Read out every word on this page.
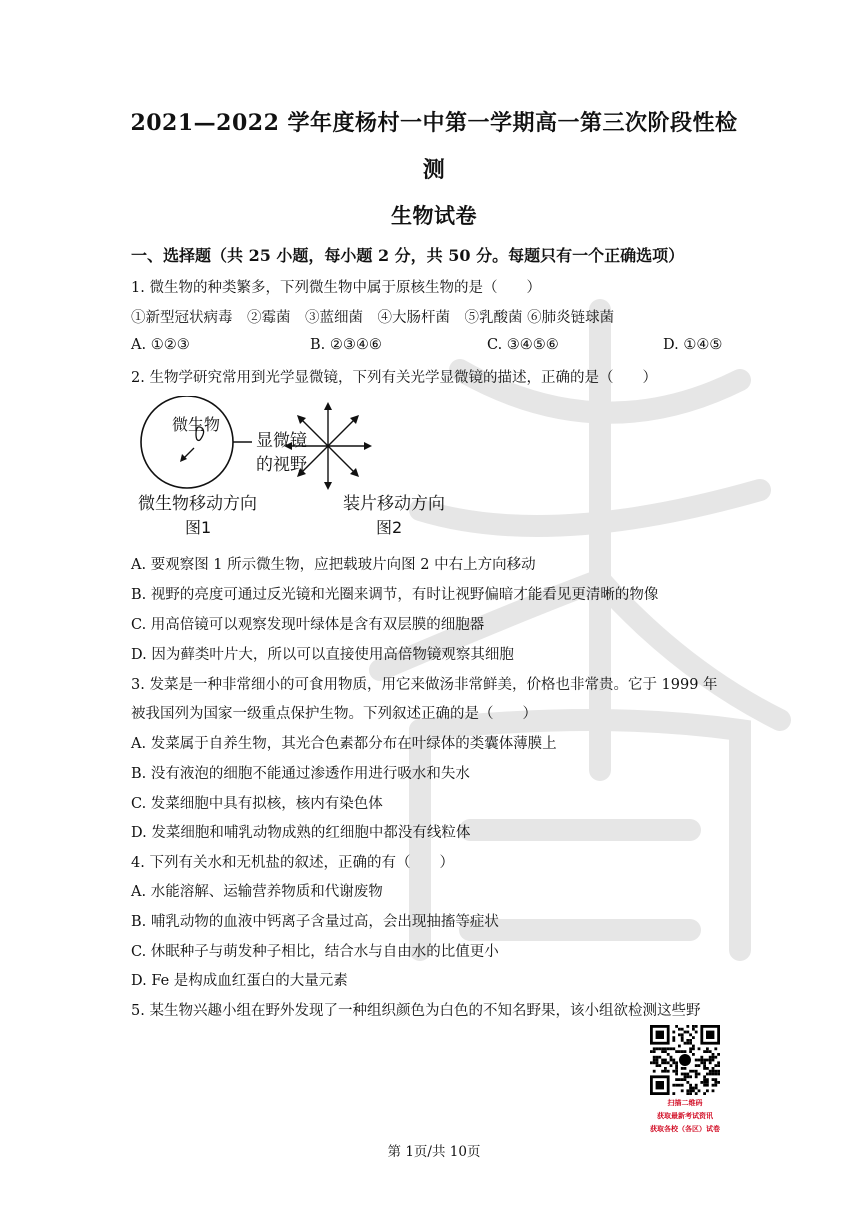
2021—2022 学年度杨村一中第一学期高一第三次阶段性检
测
生物试卷
一、选择题（共 25 小题，每小题 2 分，共 50 分。每题只有一个正确选项）
1. 微生物的种类繁多，下列微生物中属于原核生物的是（　　）
①新型冠状病毒　②霉菌　③蓝细菌　④大肠杆菌　⑤乳酸菌 ⑥肺炎链球菌
A. ①②③	B. ②③④⑥	C. ③④⑤⑥	D. ①④⑤
2. 生物学研究常用到光学显微镜，下列有关光学显微镜的描述，正确的是（　　）
微生物
显微镜
的视野
微生物移动方向
图1
装片移动方向
图2
A. 要观察图 1 所示微生物，应把载玻片向图 2 中右上方向移动
B. 视野的亮度可通过反光镜和光圈来调节，有时让视野偏暗才能看见更清晰的物像
C. 用高倍镜可以观察发现叶绿体是含有双层膜的细胞器
D. 因为藓类叶片大，所以可以直接使用高倍物镜观察其细胞
3. 发菜是一种非常细小的可食用物质，用它来做汤非常鲜美，价格也非常贵。它于 1999 年
被我国列为国家一级重点保护生物。下列叙述正确的是（　　）
A. 发菜属于自养生物，其光合色素都分布在叶绿体的类囊体薄膜上
B. 没有液泡的细胞不能通过渗透作用进行吸水和失水
C. 发菜细胞中具有拟核，核内有染色体
D. 发菜细胞和哺乳动物成熟的红细胞中都没有线粒体
4. 下列有关水和无机盐的叙述，正确的有（　　）
A. 水能溶解、运输营养物质和代谢废物
B. 哺乳动物的血液中钙离子含量过高，会出现抽搐等症状
C. 休眠种子与萌发种子相比，结合水与自由水的比值更小
D. Fe 是构成血红蛋白的大量元素
5. 某生物兴趣小组在野外发现了一种组织颜色为白色的不知名野果，该小组欲检测这些野
扫描二维码
获取最新考试资讯
获取各校（各区）试卷
第 1页/共 10页
